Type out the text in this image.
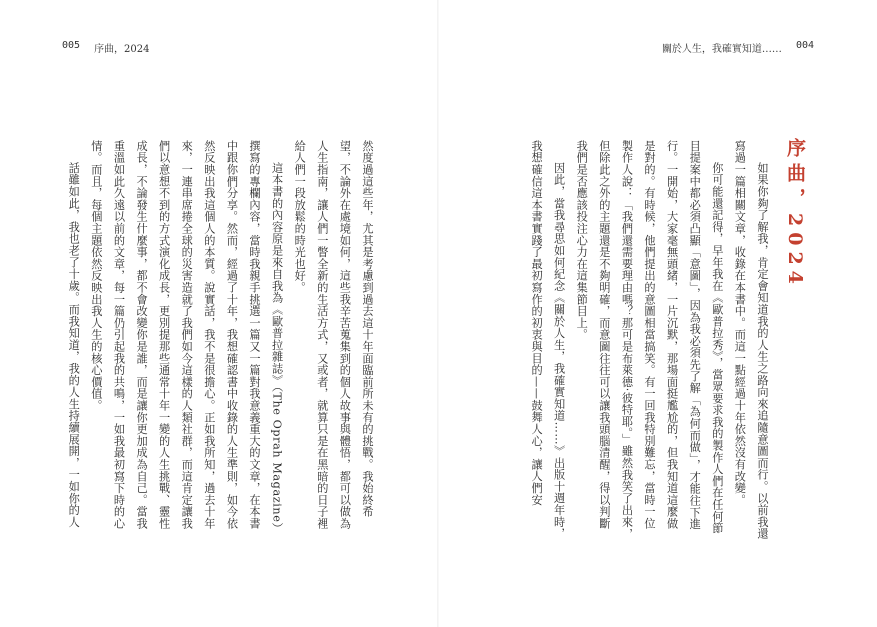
005 序曲，2024

然度過這些年，尤其是考慮到過去這十年面臨前所未有的挑戰。我始終希望，不論外在處境如何，這些我辛苦蒐集到的個人故事與體悟，都可以做為人生指南，讓人們一瞥全新的生活方式，又或者，就算只是在黑暗的日子裡給人們一段放鬆的時光也好。

這本書的內容原是來自我為《歐普拉雜誌》（The Oprah Magazine）撰寫的專欄內容，當時我親手挑選一篇又一篇對我意義重大的文章，在本書中跟你們分享。然而，經過了十年，我想確認書中收錄的人生準則，如今依然反映出我這個人的本質。說實話，我不是很擔心。正如我所知，過去十年來，一連串席捲全球的災害造就了我們如今這樣的人類社群，而這肯定讓我們以意想不到的方式演化成長，更別提那些通常十年一變的人生挑戰、靈性成長，不論發生什麼事，都不會改變你是誰，而是讓你更加成為自己。當我重溫如此久遠以前的文章，每一篇仍引起我的共鳴，一如我最初寫下時的心情。而且，每個主題依然反映出我人生的核心價值。

話雖如此，我也老了十歲。而我知道，我的人生持續展開，一如你的人

關於人生，我確實知道…… 004

如果你夠了解我，肯定會知道我的人生之路向來追隨意圖而行。以前我還寫過一篇相關文章，收錄在本書中。而這一點經過十年依然沒有改變。

你可能還記得，早年我在《歐普拉秀》，當眾要求我的製作人們在任何節目提案中都必須凸顯「意圖」，因為我必須先了解「為何而做」，才能往下進行。一開始，大家毫無頭緒，一片沉默，那場面挺尷尬的，但我知道這麼做是對的。有時候，他們提出的意圖相當搞笑。有一回我特別難忘，當時一位製作人說：「我們還需要理由嗎？那可是布萊德‧彼特耶。」雖然我笑了出來，但除此之外的主題還是不夠明確，而意圖往往可以讓我頭腦清醒，得以判斷我們是否應該投注心力在這集節目上。

因此，當我尋思如何紀念《關於人生，我確實知道……》出版十週年時，我想確信這本書實踐了最初寫作的初衷與目的——鼓舞人心，讓人們安	序曲，2024
